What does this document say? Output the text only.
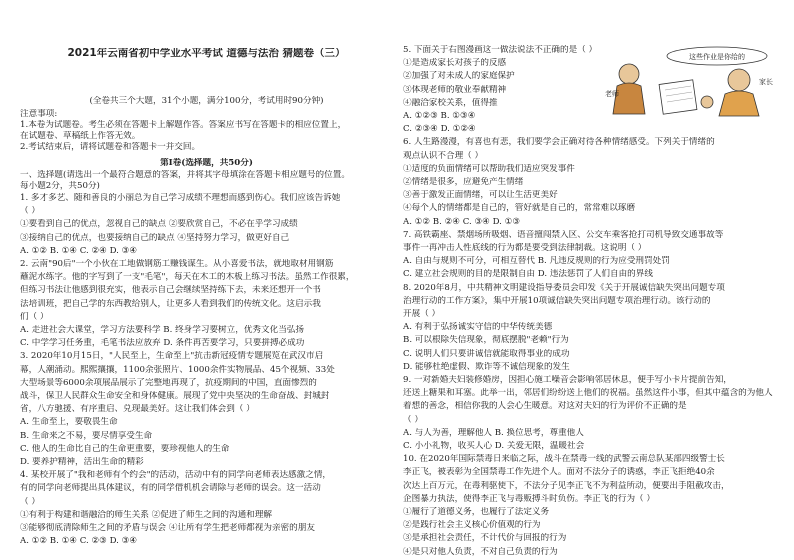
2021年云南省初中学业水平考试 道德与法治 猜题卷（三）
(全卷共三个大题，31个小题，满分100分，考试用时90分钟)
注意事项:
1.本卷为试题卷。考生必须在答题卡上解题作答。答案应书写在答题卡的相应位置上，
在试题卷、草稿纸上作答无效。
2.考试结束后，请将试题卷和答题卡一并交回。
第Ⅰ卷(选择题，共50分)
一、选择题(请选出一个最符合题意的答案，并将其字母填涂在答题卡相应题号的位置。
每小题2分，共50分)
1. 多才多艺、随和善良的小丽总为自己学习成绩不理想而感到伤心。我们应该告诉她
（ ）
①要看到自己的优点，忽视自己的缺点 ②要欣赏自己，不必在乎学习成绩
③接纳自己的优点，也要接纳自己的缺点 ④坚持努力学习，做更好自己
A. ①② B. ①④ C. ②④ D. ③④
2. 云南"90后"一个小伙在工地做钢筋工赚钱谋生。从小喜爱书法，就地取材用钢筋
蘸泥水练字。他的字写到了一支"毛笔"，每天在木工的木板上练习书法。虽然工作很累，
但练习书法让他感到很充实，他表示自己会继续坚持练下去，未来还想开一个书
法培训班，把自己学的东西教给别人，让更多人看到我们的传统文化。这启示我
们（ ）
A. 走进社会大课堂，学习方法要科学 B. 终身学习要树立，优秀文化当弘扬
C. 中学学习任务重，毛笔书法应放弃 D. 条件再苦要学习，只要拼搏必成功
3. 2020年10月15日，"人民至上，生命至上"抗击新冠疫情专题展览在武汉市启
幕，人潮涌动。熙熙攘攘，1100余张照片、1000余件实物展品、45个视频、33处
大型场景等6000余项展品展示了完整地再现了，抗疫期间的中国，直面惨烈的
战斗，保卫人民群众生命安全和身体健康。展现了党中央坚决的生命奋战、封城封
省，八方驰援、有序重启、兑现最美好。这让我们体会到（ ）
A. 生命至上，要敬畏生命
B. 生命来之不易，要尽情享受生命
C. 他人的生命比自己的生命更重要，要珍视他人的生命
D. 要养护精神，活出生命的精彩
4. 某校开展了"我和老师有个约会"的活动，活动中有的同学向老师表达感激之情，
有的同学向老师提出具体建议，有的同学借机机会请除与老师的误会。这一活动
（ ）
①有利于构建和谐融洽的师生关系 ②促进了师生之间的沟通和理解
③能够彻底清除师生之间的矛盾与误会 ④让所有学生把老师都视为亲密的朋友
A. ①② B. ①④ C. ②③ D. ③④
5. 下面关于右图漫画这一做法说法不正确的是（ ）
①是造成家长对孩子的反感
②加强了对未成人的家庭保护
③体现老师的敬业奉献精神
④融洽家校关系，值得推
A. ①②③ B. ①③④
C. ②③④ D. ①②④
6. 人生路漫漫，有喜也有悲，我们要学会正确对待各种情绪感受。下列关于情绪的
观点认识不合理（ ）
①适度的负面情绪可以帮助我们适应突发事件
②情绪是很多，应避免产生情绪
③善于激发正面情绪，可以让生活更美好
④每个人的情绪都是自己的，管好就是自己的，常常难以琢磨
A. ①② B. ②④ C. ③④ D. ①③
7. 高铁霸座、禁烟场所吸烟、语音擅闯禁入区、公交车乘客抢打司机导致交通事故等
事件一再冲击人性底线的行为都是要受到法律制裁。这说明（ ）
A. 自由与规则不可分，可相互替代 B. 凡违反规则的行为应受刑罚处罚
C. 建立社会规则的目的是限制自由 D. 违法惩罚了人们自由的界线
8. 2020年8月，中共精神文明建设指导委员会印发《关于开展诚信缺失突出问题专项
治理行动的工作方案》，集中开展10项诚信缺失突出问题专项治理行动。该行动的
开展（ ）
A. 有利于弘扬诚实守信的中华传统美德
B. 可以根除失信现象，彻底摆脱"老赖"行为
C. 说明人们只要讲诚信就能取得事业的成功
D. 能够杜绝虚假、欺诈等不诚信现象的发生
9. 一对新婚夫妇装修婚房，因担心施工噪音会影响邻居休息，便手写小卡片提前告知，
还送上糖果和耳塞。此举一出，邻居们纷纷送上他们的祝福。虽然这件小事，但其中蕴含的为他人
着想的善念，相信你我的人会心生暖意。对这对夫妇的行为评价不正确的是
（ ）
A. 与人为善，理解他人 B. 换位思考，尊重他人
C. 小小礼物，收买人心 D. 关爱无限，温暖社会
10. 在2020年国际禁毒日来临之际，战斗在禁毒一线的武警云南总队某部四级警士长
李正飞，被表彰为全国禁毒工作先进个人。面对不法分子的诱惑，李正飞拒绝40余
次达上百万元，在毒利驱使下，不法分子见李正飞不为利益所动，便要出手阻截攻击，
企图暴力执法，使得李正飞与毒贩搏斗时负伤。李正飞的行为（ ）
①履行了道德义务，也履行了法定义务
②是践行社会主义核心价值观的行为
③是承担社会责任，不计代价与回报的行为
④是只对他人负责，不对自己负责的行为
这些作业是你给的
老师
家长
